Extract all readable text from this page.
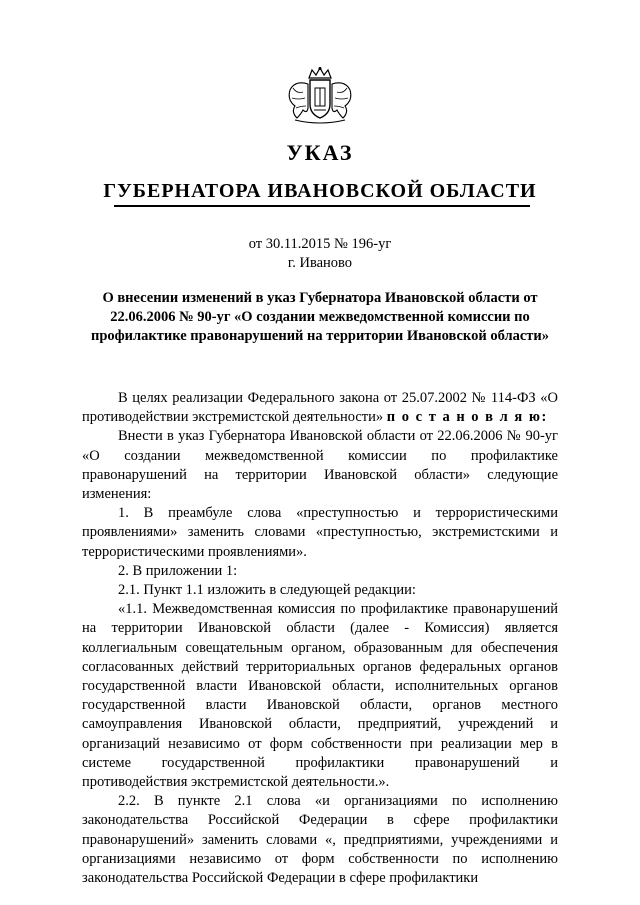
УКАЗ
ГУБЕРНАТОРА ИВАНОВСКОЙ ОБЛАСТИ
от 30.11.2015 № 196-уг
г. Иваново
О внесении изменений в указ Губернатора Ивановской области от 22.06.2006 № 90-уг «О создании межведомственной комиссии по профилактике правонарушений на территории Ивановской области»

В целях реализации Федерального закона от 25.07.2002 № 114-ФЗ «О противодействии экстремистской деятельности» п о с т а н о в л я ю:

Внести в указ Губернатора Ивановской области от 22.06.2006 № 90-уг «О создании межведомственной комиссии по профилактике правонарушений на территории Ивановской области» следующие изменения:

1. В преамбуле слова «преступностью и террористическими проявлениями» заменить словами «преступностью, экстремистскими и террористическими проявлениями».

2. В приложении 1:

2.1. Пункт 1.1 изложить в следующей редакции:

«1.1. Межведомственная комиссия по профилактике правонарушений на территории Ивановской области (далее - Комиссия) является коллегиальным совещательным органом, образованным для обеспечения согласованных действий территориальных органов федеральных органов государственной власти Ивановской области, исполнительных органов государственной власти Ивановской области, органов местного самоуправления Ивановской области, предприятий, учреждений и организаций независимо от форм собственности при реализации мер в системе государственной профилактики правонарушений и противодействия экстремистской деятельности.».

2.2. В пункте 2.1 слова «и организациями по исполнению законодательства Российской Федерации в сфере профилактики правонарушений» заменить словами «, предприятиями, учреждениями и организациями независимо от форм собственности по исполнению законодательства Российской Федерации в сфере профилактики
